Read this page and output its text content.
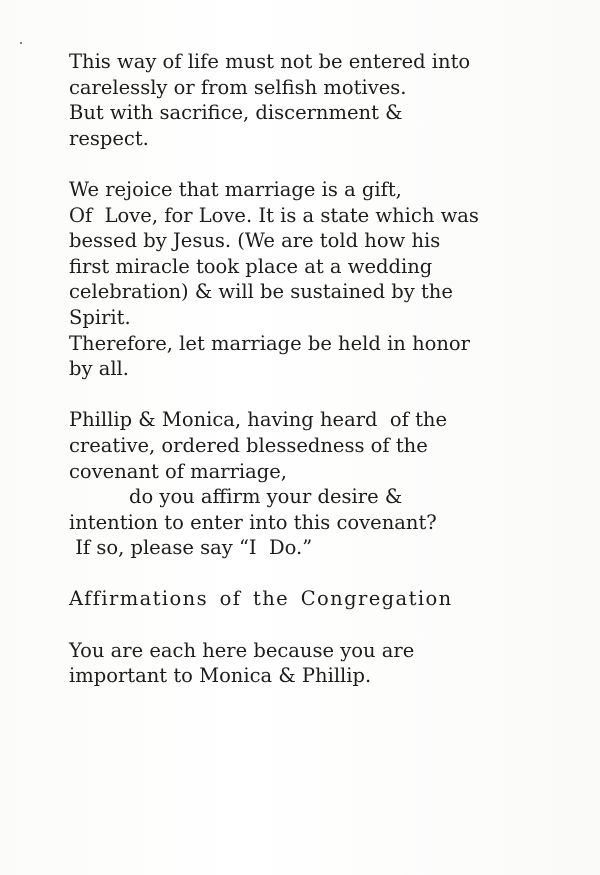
This way of life must not be entered into
carelessly or from selfish motives.
But with sacrifice, discernment &
respect.

We rejoice that marriage is a gift,
Of  Love, for Love. It is a state which was
bessed by Jesus. (We are told how his
first miracle took place at a wedding
celebration) & will be sustained by the
Spirit.
Therefore, let marriage be held in honor
by all.

Phillip & Monica, having heard  of the
creative, ordered blessedness of the
covenant of marriage,
do you affirm your desire &
intention to enter into this covenant?
If so, please say “I  Do.”

Affirmations of the Congregation

You are each here because you are
important to Monica & Phillip.
